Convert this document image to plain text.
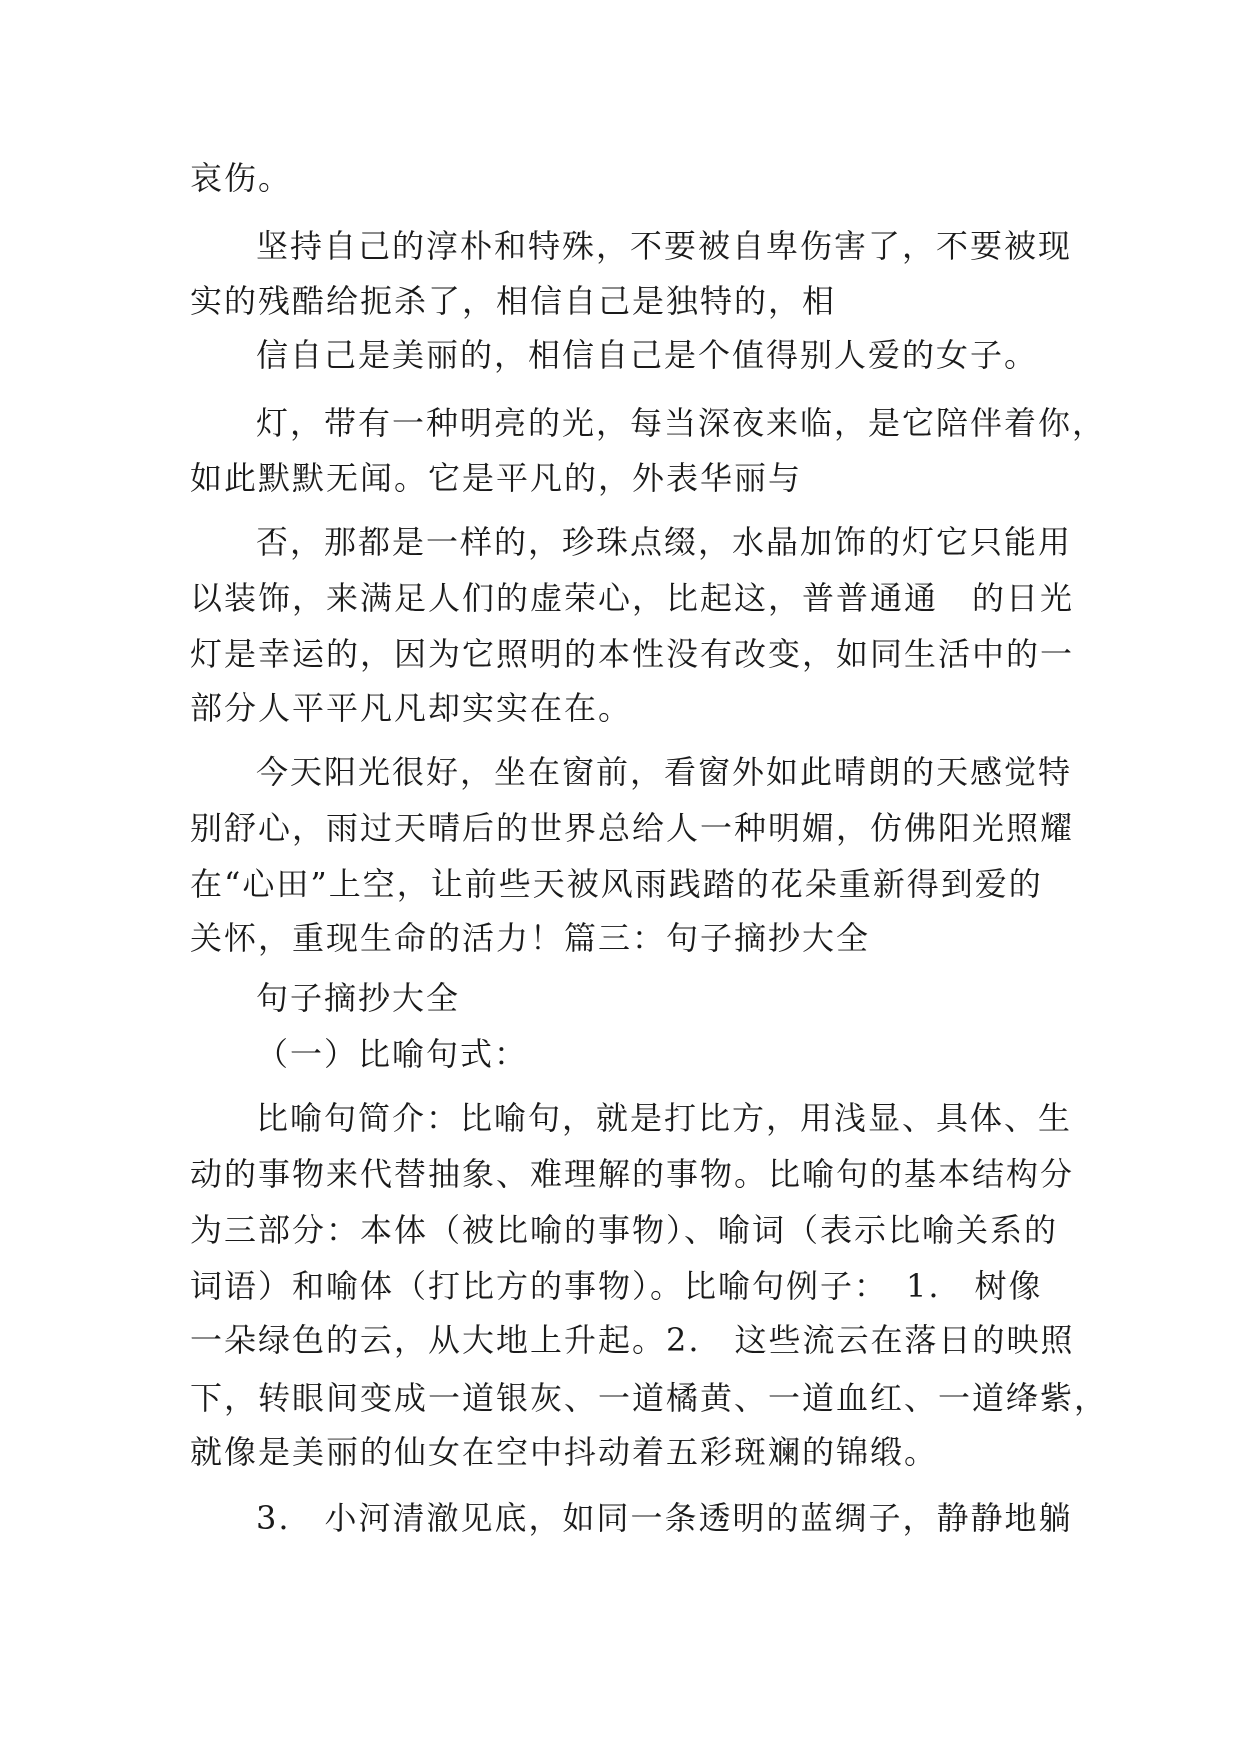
哀伤。
坚持自己的淳朴和特殊，不要被自卑伤害了，不要被现
实的残酷给扼杀了，相信自己是独特的，相
信自己是美丽的，相信自己是个值得别人爱的女子。
灯，带有一种明亮的光，每当深夜来临，是它陪伴着你，
如此默默无闻。它是平凡的，外表华丽与
否，那都是一样的，珍珠点缀，水晶加饰的灯它只能用
以装饰，来满足人们的虚荣心，比起这，普普通通　的日光
灯是幸运的，因为它照明的本性没有改变，如同生活中的一
部分人平平凡凡却实实在在。
今天阳光很好，坐在窗前，看窗外如此晴朗的天感觉特
别舒心，雨过天晴后的世界总给人一种明媚，仿佛阳光照耀
在“心田”上空，让前些天被风雨践踏的花朵重新得到爱的
关怀，重现生命的活力！篇三：句子摘抄大全
句子摘抄大全
（一）比喻句式：
比喻句简介：比喻句，就是打比方，用浅显、具体、生
动的事物来代替抽象、难理解的事物。比喻句的基本结构分
为三部分：本体（被比喻的事物）、喻词（表示比喻关系的
词语）和喻体（打比方的事物）。比喻句例子：　1.　树像
一朵绿色的云，从大地上升起。2.　这些流云在落日的映照
下，转眼间变成一道银灰、一道橘黄、一道血红、一道绛紫，
就像是美丽的仙女在空中抖动着五彩斑斓的锦缎。
3.　小河清澈见底，如同一条透明的蓝绸子，静静地躺
